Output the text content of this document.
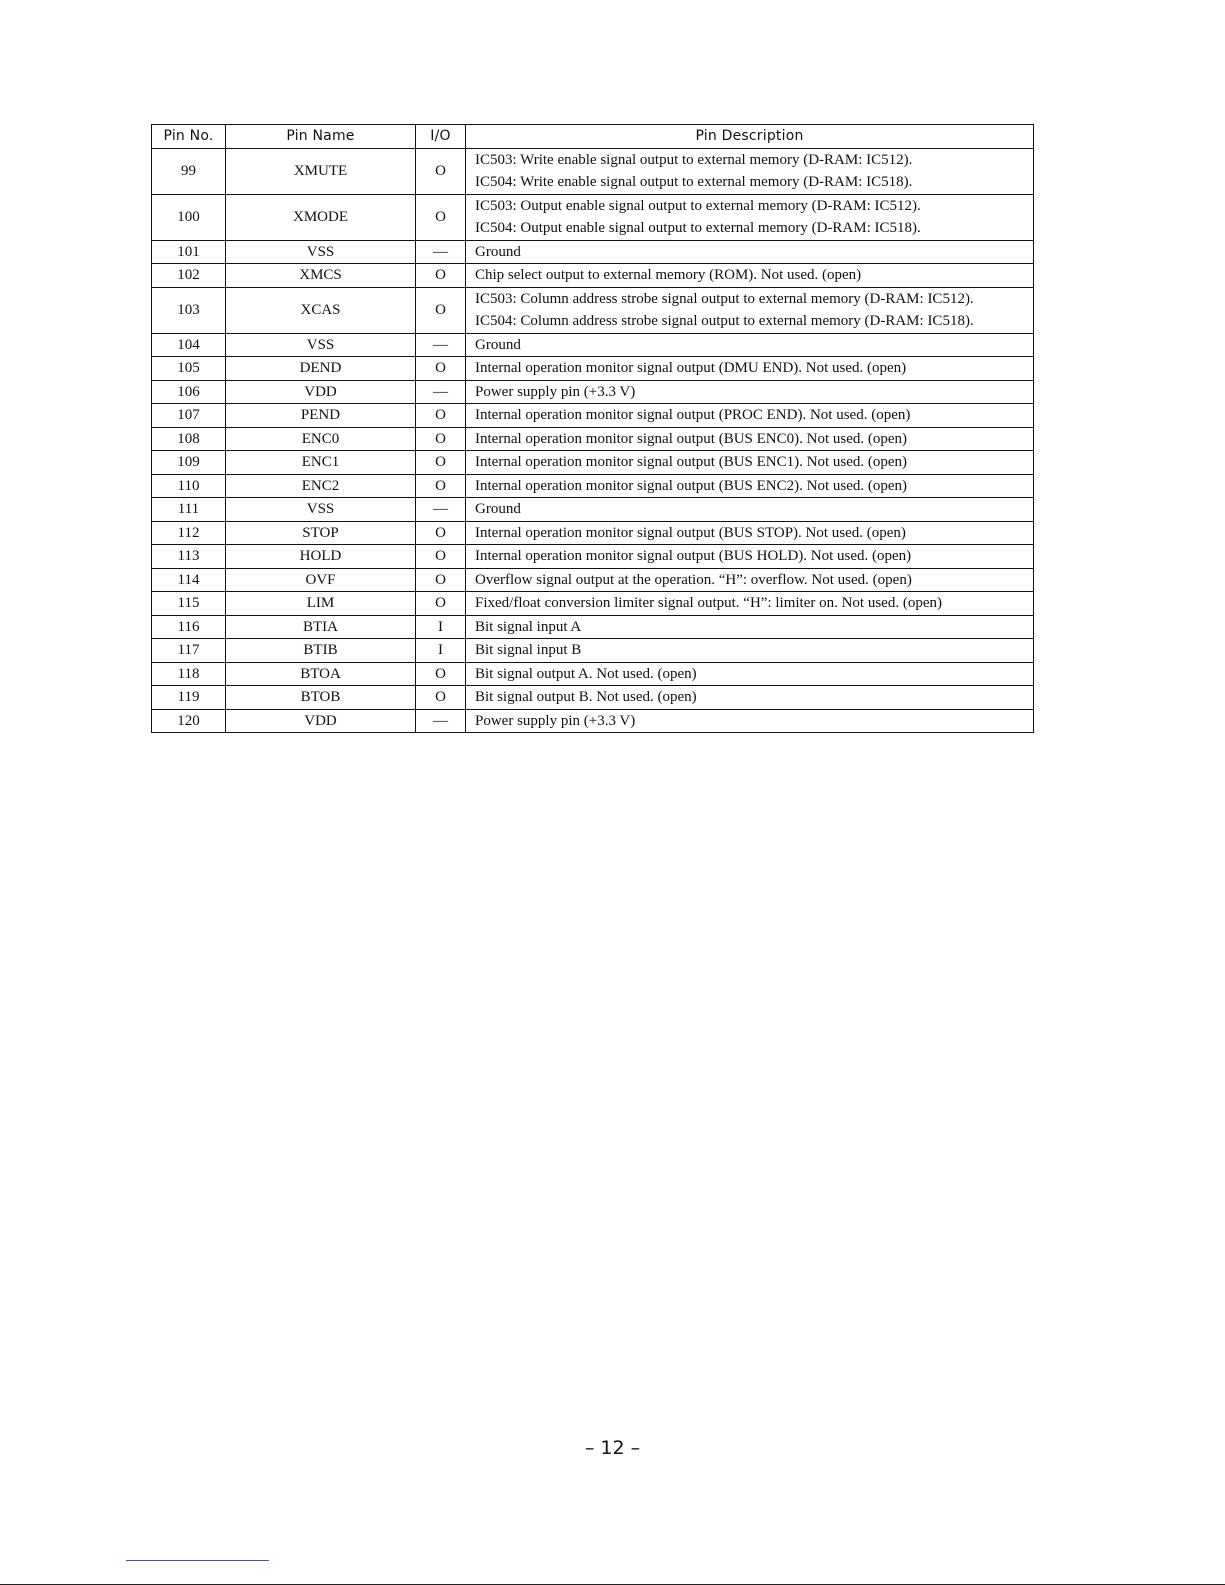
Pin No.	Pin Name	I/O	Pin Description
99	XMUTE	O	IC503: Write enable signal output to external memory (D-RAM: IC512).
IC504: Write enable signal output to external memory (D-RAM: IC518).

100	XMODE	O	IC503: Output enable signal output to external memory (D-RAM: IC512).
IC504: Output enable signal output to external memory (D-RAM: IC518).

101	VSS	—	Ground

102	XMCS	O	Chip select output to external memory (ROM). Not used. (open)

103	XCAS	O	IC503: Column address strobe signal output to external memory (D-RAM: IC512).
IC504: Column address strobe signal output to external memory (D-RAM: IC518).

104	VSS	—	Ground

105	DEND	O	Internal operation monitor signal output (DMU END). Not used. (open)

106	VDD	—	Power supply pin (+3.3 V)

107	PEND	O	Internal operation monitor signal output (PROC END). Not used. (open)

108	ENC0	O	Internal operation monitor signal output (BUS ENC0). Not used. (open)

109	ENC1	O	Internal operation monitor signal output (BUS ENC1). Not used. (open)

110	ENC2	O	Internal operation monitor signal output (BUS ENC2). Not used. (open)

111	VSS	—	Ground

112	STOP	O	Internal operation monitor signal output (BUS STOP). Not used. (open)

113	HOLD	O	Internal operation monitor signal output (BUS HOLD). Not used. (open)

114	OVF	O	Overflow signal output at the operation. “H”: overflow. Not used. (open)

115	LIM	O	Fixed/float conversion limiter signal output. “H”: limiter on. Not used. (open)

116	BTIA	I	Bit signal input A

117	BTIB	I	Bit signal input B

118	BTOA	O	Bit signal output A. Not used. (open)

119	BTOB	O	Bit signal output B. Not used. (open)

120	VDD	—	Power supply pin (+3.3 V)
– 12 –
